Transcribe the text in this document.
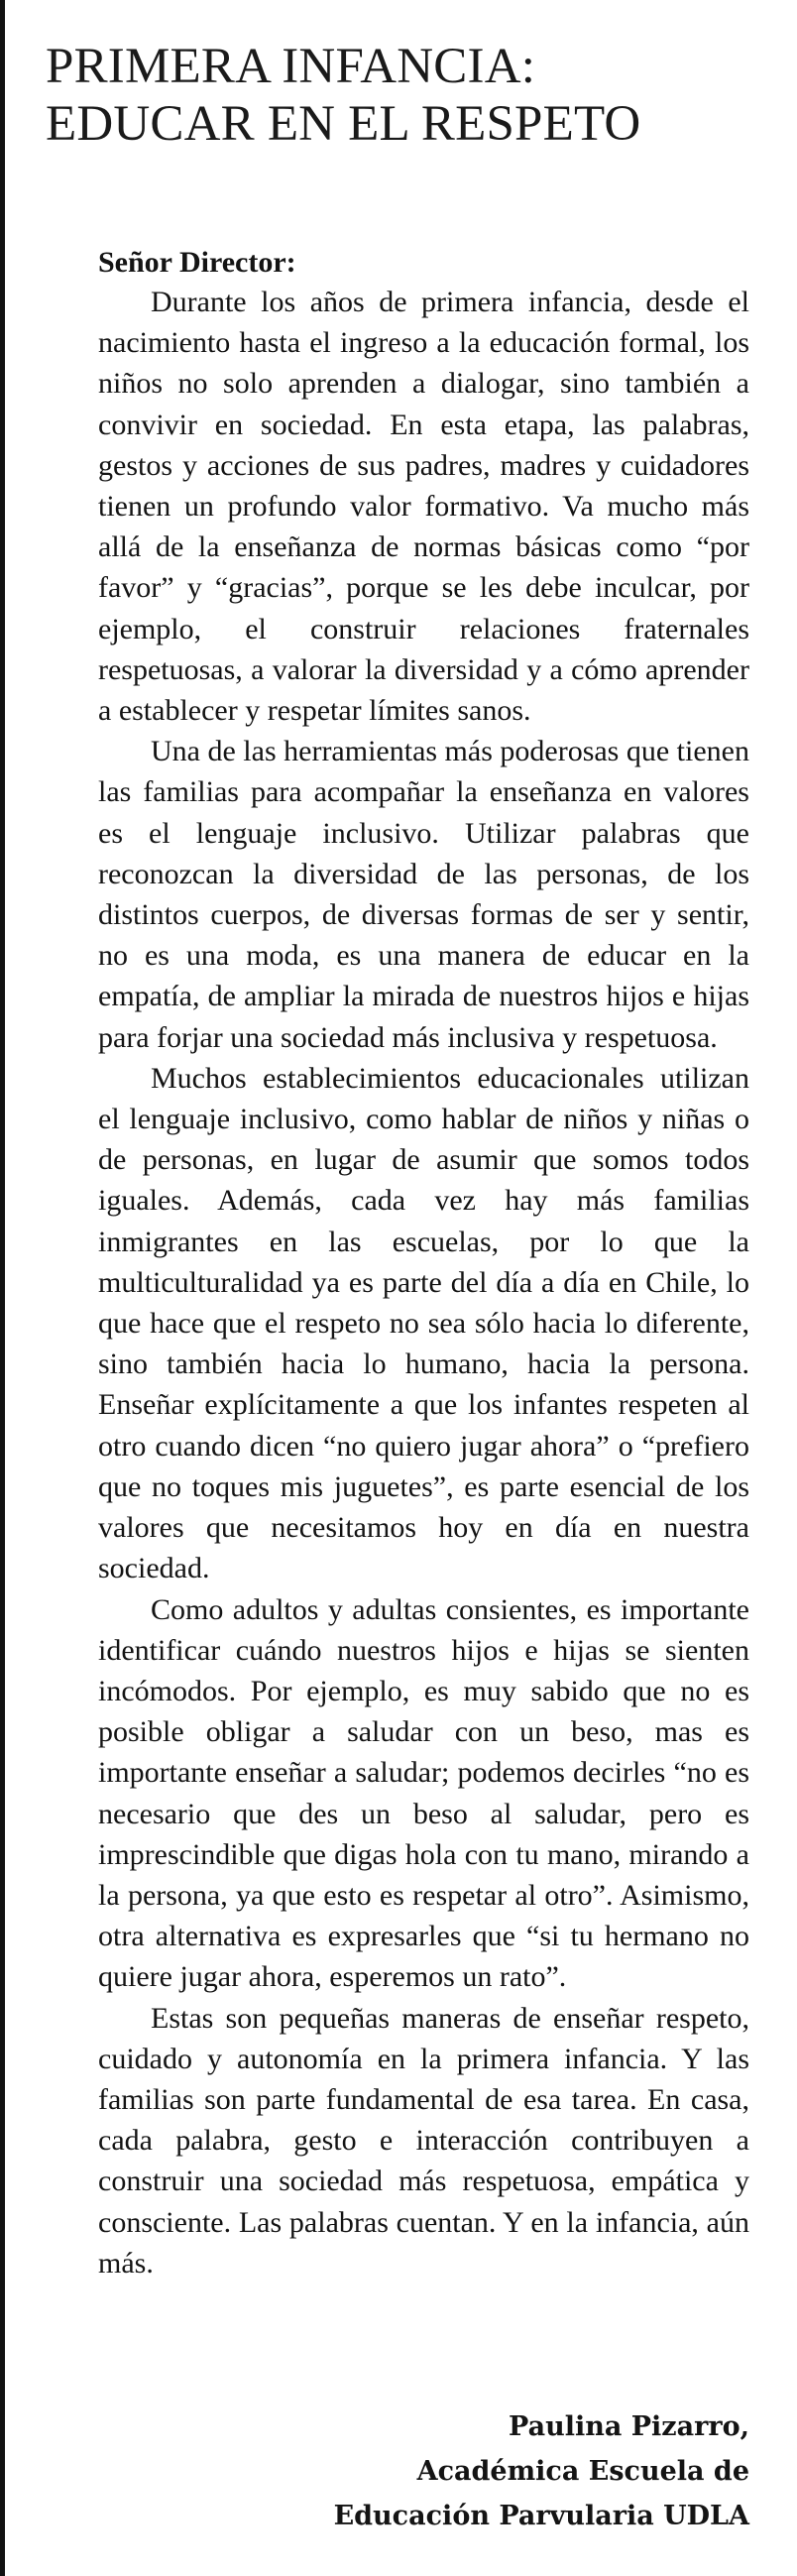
PRIMERA INFANCIA:
EDUCAR EN EL RESPETO
Señor Director:

Durante los años de primera infancia, desde el nacimiento hasta el ingreso a la educación formal, los niños no solo aprenden a dialogar, sino también a convivir en sociedad. En esta etapa, las palabras, gestos y acciones de sus padres, madres y cuidadores tienen un profundo valor formativo. Va mucho más allá de la enseñanza de normas básicas como “por favor” y “gracias”, porque se les debe inculcar, por ejemplo, el construir relaciones fraternales respetuosas, a valorar la diversidad y a cómo aprender a establecer y respetar límites sanos.

Una de las herramientas más poderosas que tienen las familias para acompañar la enseñanza en valores es el lenguaje inclusivo. Utilizar palabras que reconozcan la diversidad de las personas, de los distintos cuerpos, de diversas formas de ser y sentir, no es una moda, es una manera de educar en la empatía, de ampliar la mirada de nuestros hijos e hijas para forjar una sociedad más inclusiva y respetuosa.

Muchos establecimientos educacionales utilizan el lenguaje inclusivo, como hablar de niños y niñas o de personas, en lugar de asumir que somos todos iguales. Además, cada vez hay más familias inmigrantes en las escuelas, por lo que la multiculturalidad ya es parte del día a día en Chile, lo que hace que el respeto no sea sólo hacia lo diferente, sino también hacia lo humano, hacia la persona. Enseñar explícitamente a que los infantes respeten al otro cuando dicen “no quiero jugar ahora” o “prefiero que no toques mis juguetes”, es parte esencial de los valores que necesitamos hoy en día en nuestra sociedad.

Como adultos y adultas consientes, es importante identificar cuándo nuestros hijos e hijas se sienten incómodos. Por ejemplo, es muy sabido que no es posible obligar a saludar con un beso, mas es importante enseñar a saludar; podemos decirles “no es necesario que des un beso al saludar, pero es imprescindible que digas hola con tu mano, mirando a la persona, ya que esto es respetar al otro”. Asimismo, otra alternativa es expresarles que “si tu hermano no quiere jugar ahora, esperemos un rato”.

Estas son pequeñas maneras de enseñar respeto, cuidado y autonomía en la primera infancia. Y las familias son parte fundamental de esa tarea. En casa, cada palabra, gesto e interacción contribuyen a construir una sociedad más respetuosa, empática y consciente. Las palabras cuentan. Y en la infancia, aún más.

Paulina Pizarro,
Académica Escuela de
Educación Parvularia UDLA
